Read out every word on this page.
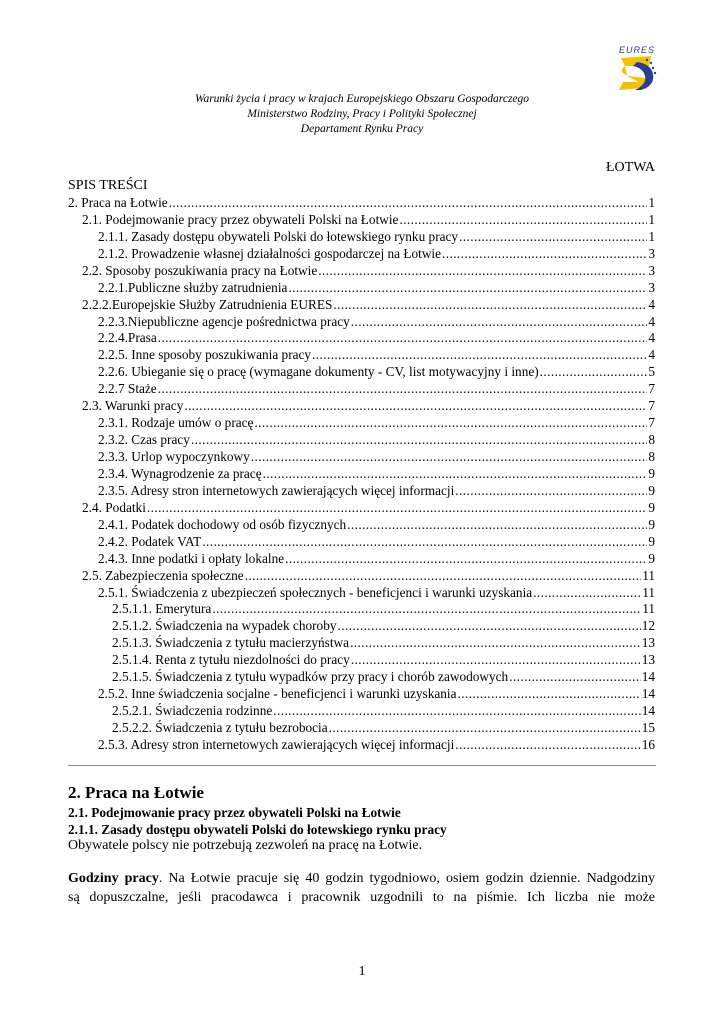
EURES
Warunki życia i pracy w krajach Europejskiego Obszaru Gospodarczego
Ministerstwo Rodziny, Pracy i Polityki Społecznej
Departament Rynku Pracy
ŁOTWA
SPIS TREŚCI
2. Praca na Łotwie .....	1
2.1. Podejmowanie pracy przez obywateli Polski na Łotwie .....	1
2.1.1. Zasady dostępu obywateli Polski do łotewskiego rynku pracy .....	1
2.1.2. Prowadzenie własnej działalności gospodarczej na Łotwie .....	3
2.2. Sposoby poszukiwania pracy na Łotwie .....	3
2.2.1.Publiczne służby zatrudnienia .....	3
2.2.2.Europejskie Służby Zatrudnienia EURES .....	4
2.2.3.Niepubliczne agencje pośrednictwa pracy .....	4
2.2.4.Prasa .....	4
2.2.5. Inne sposoby poszukiwania pracy .....	4
2.2.6. Ubieganie się o pracę (wymagane dokumenty - CV, list motywacyjny i inne) .....	5
2.2.7 Staże .....	7
2.3. Warunki pracy .....	7
2.3.1. Rodzaje umów o pracę .....	7
2.3.2. Czas pracy .....	8
2.3.3. Urlop wypoczynkowy .....	8
2.3.4. Wynagrodzenie za pracę .....	9
2.3.5. Adresy stron internetowych zawierających więcej informacji .....	9
2.4. Podatki .....	9
2.4.1. Podatek dochodowy od osób fizycznych .....	9
2.4.2. Podatek VAT .....	9
2.4.3. Inne podatki i opłaty lokalne .....	9
2.5. Zabezpieczenia społeczne .....	11
2.5.1. Świadczenia z ubezpieczeń społecznych - beneficjenci i warunki uzyskania .....	11
2.5.1.1. Emerytura .....	11
2.5.1.2. Świadczenia na wypadek choroby .....	12
2.5.1.3. Świadczenia z tytułu macierzyństwa .....	13
2.5.1.4. Renta z tytułu niezdolności do pracy .....	13
2.5.1.5. Świadczenia z tytułu wypadków przy pracy i chorób zawodowych .....	14
2.5.2. Inne świadczenia socjalne - beneficjenci i warunki uzyskania .....	14
2.5.2.1. Świadczenia rodzinne .....	14
2.5.2.2. Świadczenia z tytułu bezrobocia .....	15
2.5.3. Adresy stron internetowych zawierających więcej informacji .....	16
2. Praca na Łotwie
2.1. Podejmowanie pracy przez obywateli Polski na Łotwie
2.1.1. Zasady dostępu obywateli Polski do łotewskiego rynku pracy
Obywatele polscy nie potrzebują zezwoleń na pracę na Łotwie.
Godziny pracy. Na Łotwie pracuje się 40 godzin tygodniowo, osiem godzin dziennie. Nadgodziny
są dopuszczalne, jeśli pracodawca i pracownik uzgodnili to na piśmie. Ich liczba nie może
1
